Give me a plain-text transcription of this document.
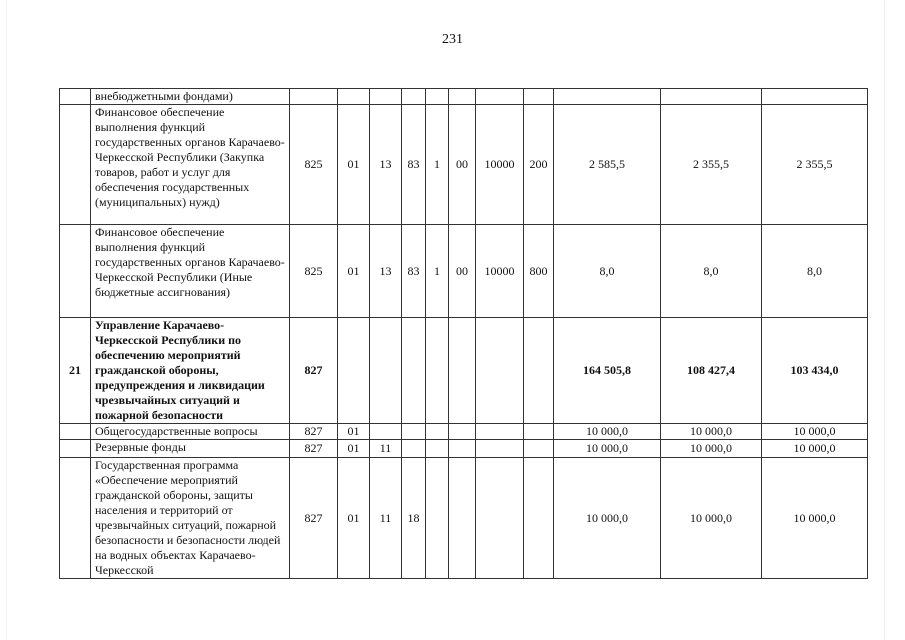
231
	внебюджетными фондами)											
	Финансовое обеспечение выполнения функций государственных органов Карачаево-Черкесской Республики (Закупка товаров, работ и услуг для обеспечения государственных (муниципальных) нужд)	825	01	13	83	1	00	10000	200	2 585,5	2 355,5	2 355,5
	Финансовое обеспечение выполнения функций государственных органов Карачаево-Черкесской Республики (Иные бюджетные ассигнования)	825	01	13	83	1	00	10000	800	8,0	8,0	8,0
21	Управление Карачаево-Черкесской Республики по обеспечению мероприятий гражданской обороны, предупреждения и ликвидации чрезвычайных ситуаций и пожарной безопасности	827								164 505,8	108 427,4	103 434,0
	Общегосударственные вопросы	827	01							10 000,0	10 000,0	10 000,0
	Резервные фонды	827	01	11						10 000,0	10 000,0	10 000,0
	Государственная программа «Обеспечение мероприятий гражданской обороны, защиты населения и территорий от чрезвычайных ситуаций, пожарной безопасности и безопасности людей на водных объектах Карачаево-Черкесской	827	01	11	18					10 000,0	10 000,0	10 000,0
